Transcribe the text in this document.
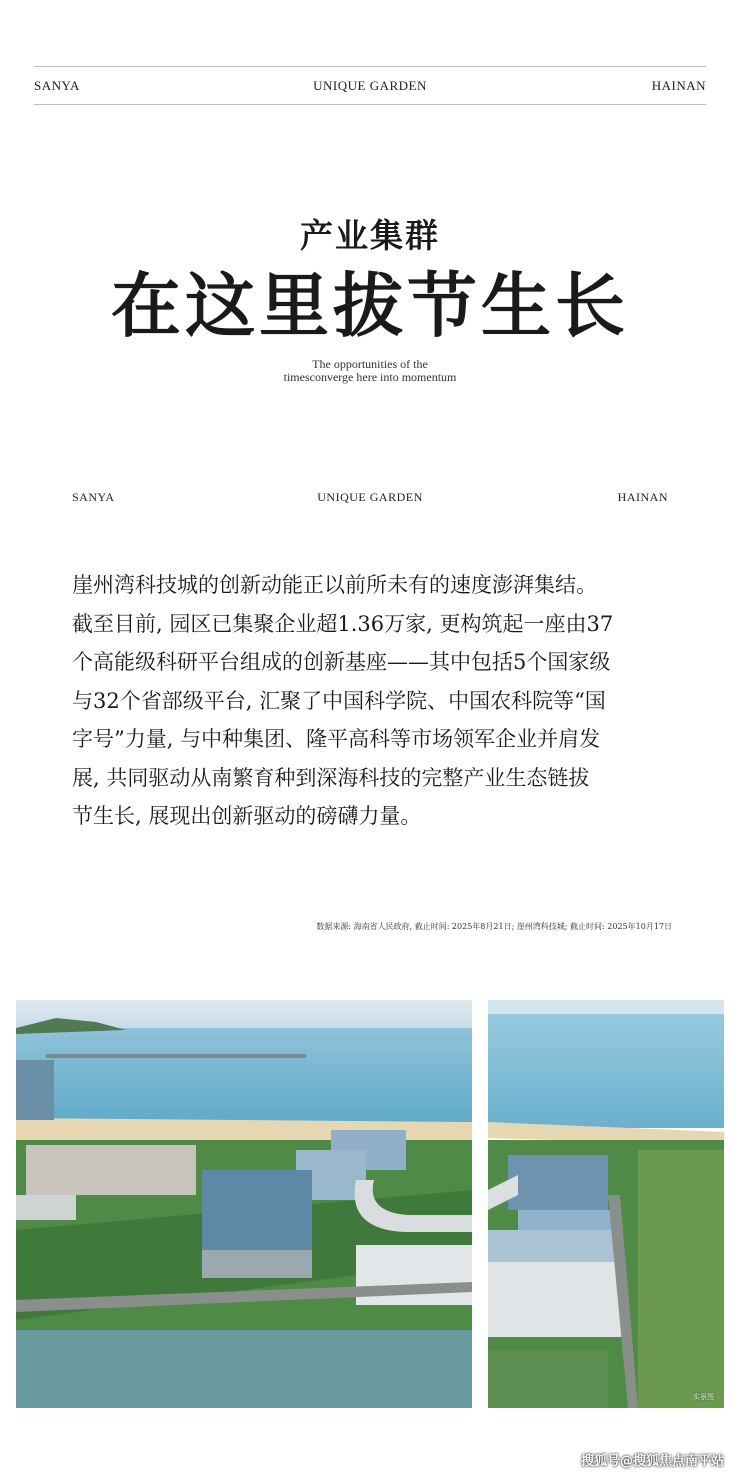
SANYA	UNIQUE GARDEN	HAINAN
产业集群
在这里拔节生长
The opportunities of the
timesconverge here into momentum
SANYA	UNIQUE GARDEN	HAINAN
崖州湾科技城的创新动能正以前所未有的速度澎湃集结。
截至目前, 园区已集聚企业超1.36万家, 更构筑起一座由37
个高能级科研平台组成的创新基座——其中包括5个国家级
与32个省部级平台, 汇聚了中国科学院、中国农科院等“国
字号”力量, 与中种集团、隆平高科等市场领军企业并肩发
展, 共同驱动从南繁育种到深海科技的完整产业生态链拔
节生长, 展现出创新驱动的磅礴力量。
数据来源: 海南省人民政府, 截止时间: 2025年8月21日; 崖州湾科技城; 截止时间: 2025年10月17日
实景图
搜狐号@搜狐焦点南平站
